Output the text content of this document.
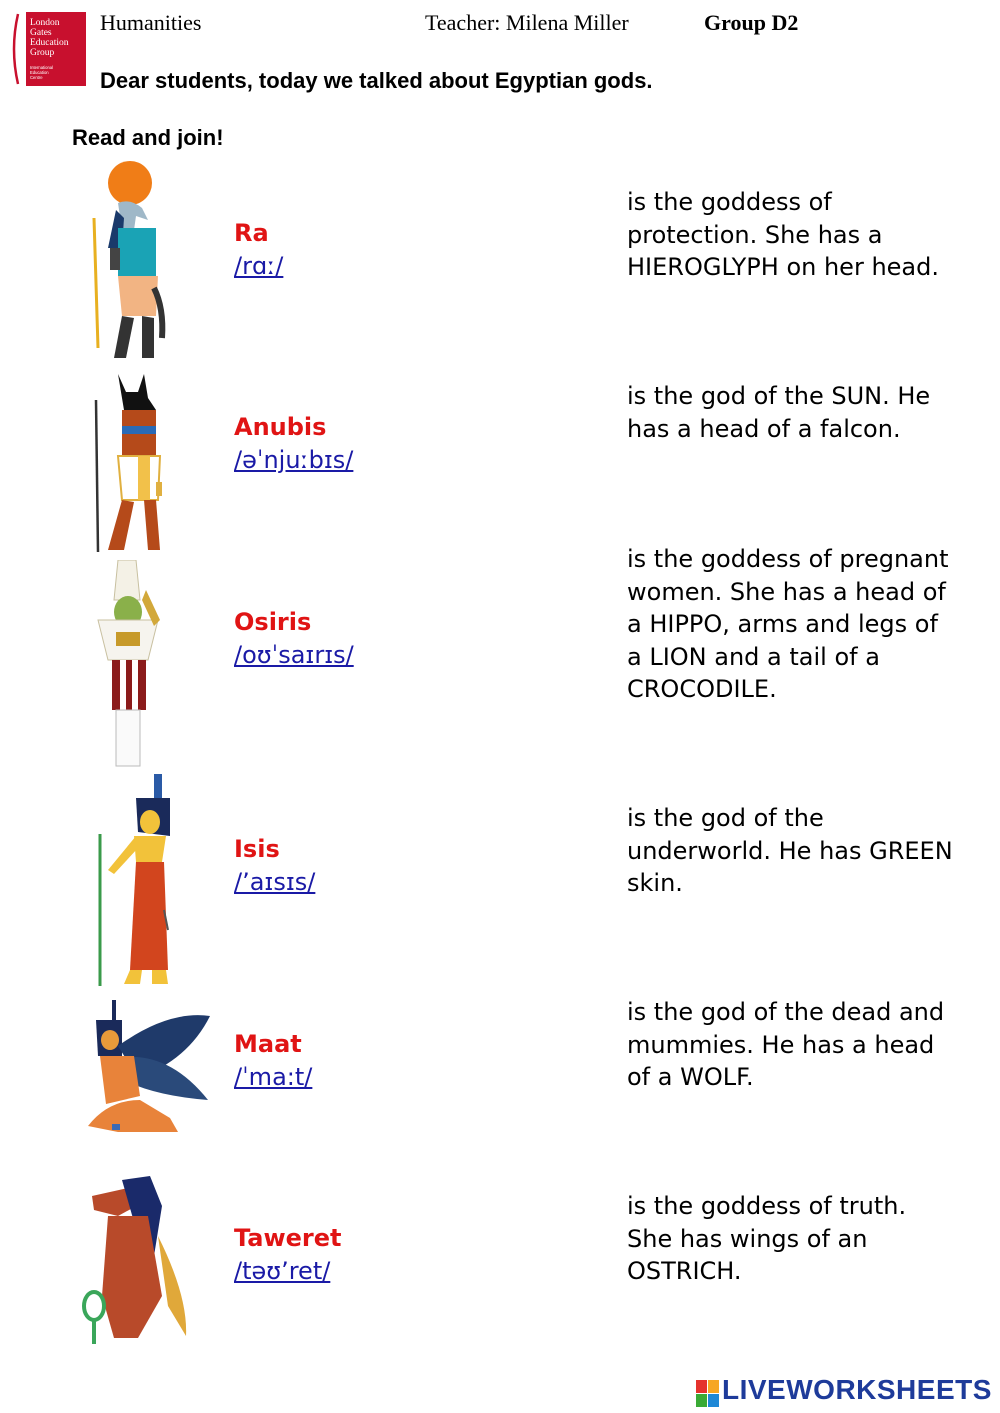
London
Gates
Education
Group
International
Education
Centre
Humanities	Teacher: Milena Miller	Group D2
Dear students, today we talked about Egyptian gods.
Read and join!
Ra
/rɑː/
Anubis
/əˈnjuːbɪs/
Osiris
/oʊˈsaɪrɪs/
Isis
/ʼaɪsɪs/
Maat
/ˈma:t/
Taweret
/təʊʼret/
is the goddess of
protection. She has a
HIEROGLYPH on her head.
is the god of the SUN. He
has a head of a falcon.
is the goddess of pregnant
women. She has a head of
a HIPPO, arms and legs of
a LION and a tail of a
CROCODILE.
is the god of the
underworld. He has GREEN
skin.
is the god of the dead and
mummies. He has a head
of a WOLF.
is the goddess of truth.
She has wings of an
OSTRICH.
LIVEWORKSHEETS
